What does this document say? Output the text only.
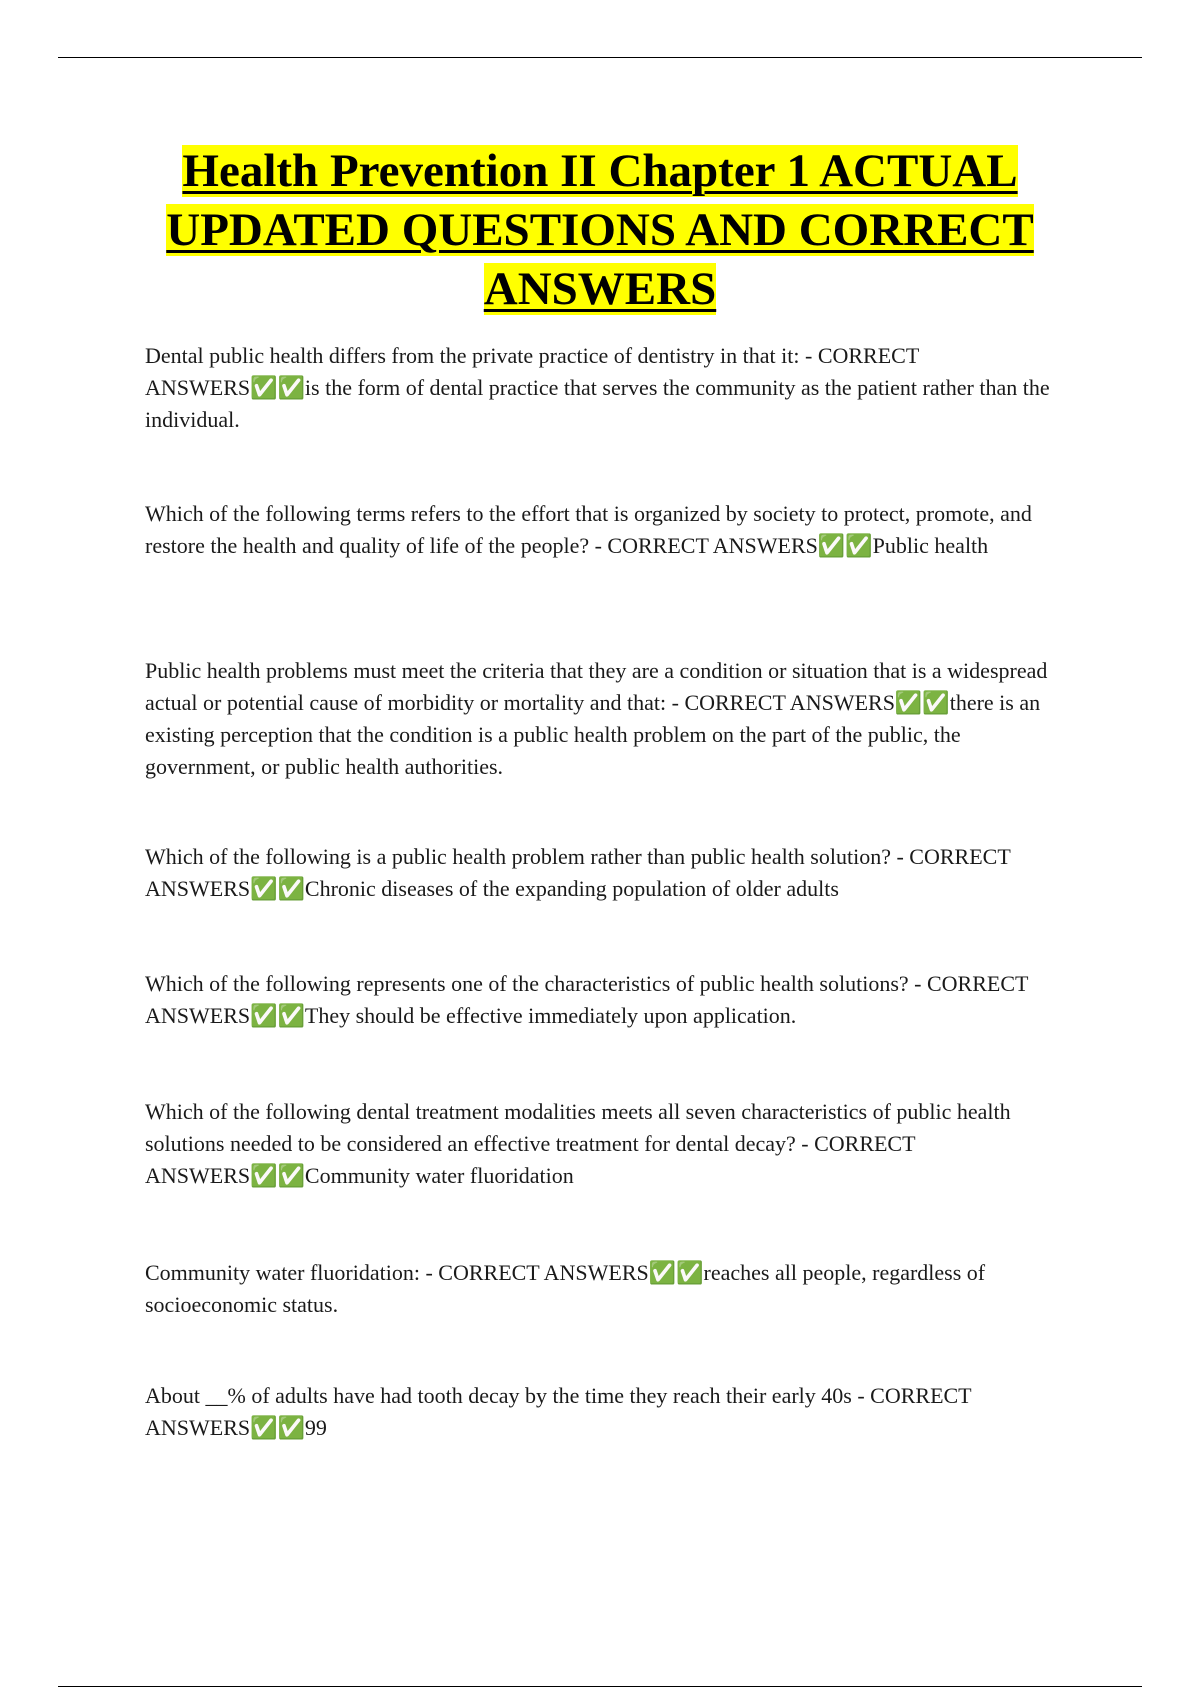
Health Prevention II Chapter 1 ACTUAL
UPDATED QUESTIONS AND CORRECT
ANSWERS

Dental public health differs from the private practice of dentistry in that it: - CORRECT ANSWERS✅✅is the form of dental practice that serves the community as the patient rather than the individual.

Which of the following terms refers to the effort that is organized by society to protect, promote, and restore the health and quality of life of the people? - CORRECT ANSWERS✅✅Public health

Public health problems must meet the criteria that they are a condition or situation that is a widespread actual or potential cause of morbidity or mortality and that: - CORRECT ANSWERS✅✅there is an existing perception that the condition is a public health problem on the part of the public, the government, or public health authorities.

Which of the following is a public health problem rather than public health solution? - CORRECT ANSWERS✅✅Chronic diseases of the expanding population of older adults

Which of the following represents one of the characteristics of public health solutions? - CORRECT ANSWERS✅✅They should be effective immediately upon application.

Which of the following dental treatment modalities meets all seven characteristics of public health solutions needed to be considered an effective treatment for dental decay? - CORRECT ANSWERS✅✅Community water fluoridation

Community water fluoridation: - CORRECT ANSWERS✅✅reaches all people, regardless of socioeconomic status.

About __% of adults have had tooth decay by the time they reach their early 40s - CORRECT ANSWERS✅✅99
